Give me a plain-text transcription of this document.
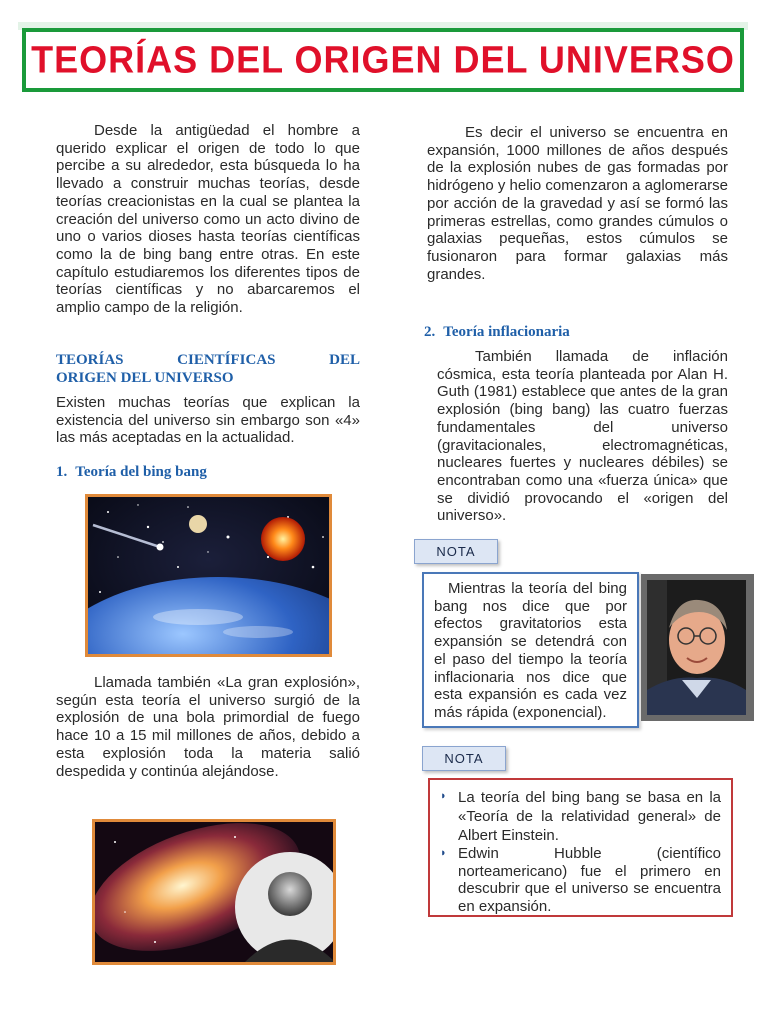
TEORÍAS DEL ORIGEN DEL UNIVERSO

Desde la antigüedad el hombre a querido explicar el origen de todo lo que percibe a su alrededor, esta búsqueda lo ha llevado a construir muchas teorías, desde teorías creacionistas en la cual se plantea la creación del universo como un acto divino de uno o varios dioses hasta teorías científicas como la de bing bang entre otras. En este capítulo estudiaremos los diferentes tipos de teorías científicas y no abarcaremos el amplio campo de la religión.

TEORÍAS CIENTÍFICAS DEL

ORIGEN DEL UNIVERSO

Existen muchas teorías que explican la existencia del universo sin embargo son «4» las más aceptadas en la actualidad.

1. Teoría del bing bang

Llamada también «La gran explosión», según esta teoría el universo surgió de la explosión de una bola primordial de fuego hace 10 a 15 mil millones de años, debido a esta explosión toda la materia salió despedida y continúa alejándose.

Es decir el universo se encuentra en expansión, 1000 millones de años después de la explosión nubes de gas formadas por hidrógeno y helio comenzaron a aglomerarse por acción de la gravedad y así se formó las primeras estrellas, como grandes cúmulos o galaxias pequeñas, estos cúmulos se fusionaron para formar galaxias más grandes.

2. Teoría inflacionaria

También llamada de inflación cósmica, esta teoría planteada por Alan H. Guth (1981) establece que antes de la gran explosión (bing bang) las cuatro fuerzas fundamentales del universo (gravitacionales, electromagnéticas, nucleares fuertes y nucleares débiles) se encontraban como una «fuerza única» que se dividió provocando el «origen del universo».

NOTA

Mientras la teoría del bing bang nos dice que por efectos gravitatorios esta expansión se detendrá con el paso del tiempo la teoría inflacionaria nos dice que esta expansión es cada vez más rápida (exponencial).

NOTA
◗ La teoría del bing bang se basa en la «Teoría de la relatividad general» de Albert Einstein.

◗ Edwin Hubble (científico norteamericano) fue el primero en descubrir que el universo se encuentra en expansión.
